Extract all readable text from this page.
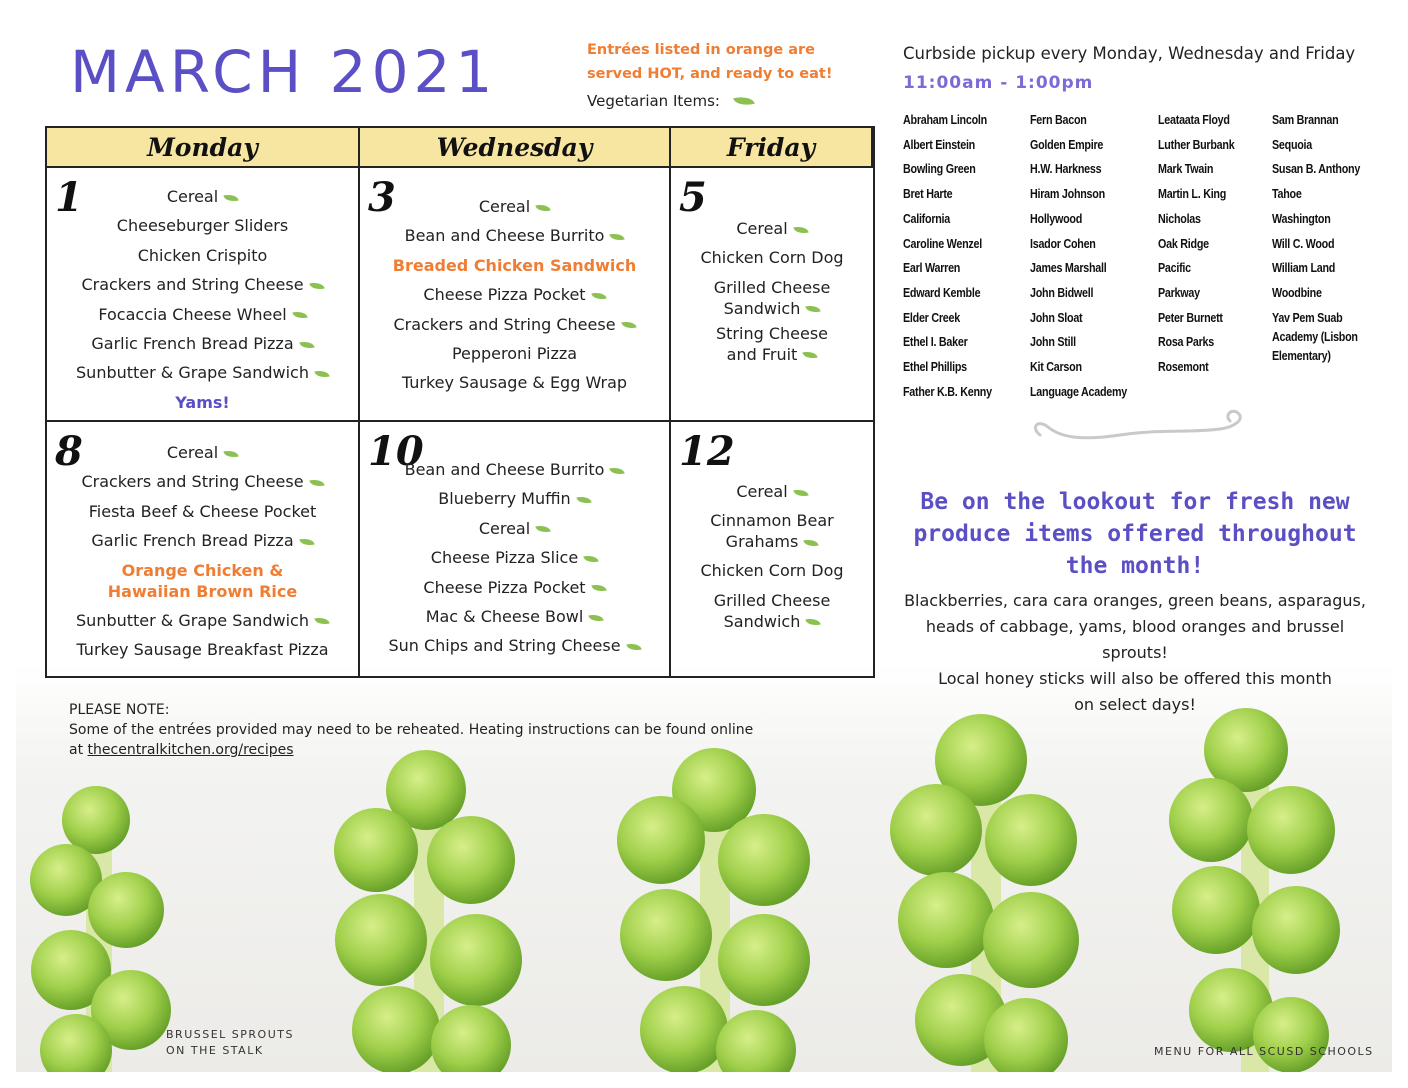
MARCH 2021	Entrées listed in orange are served HOT, and ready to eat!
Vegetarian Items:
Monday	Wednesday	Friday
1	Cereal
Cheeseburger Sliders
Chicken Crispito
Crackers and String Cheese
Focaccia Cheese Wheel
Garlic French Bread Pizza
Sunbutter & Grape Sandwich
Yams!
3	Cereal
Bean and Cheese Burrito
Breaded Chicken Sandwich
Cheese Pizza Pocket
Crackers and String Cheese
Pepperoni Pizza
Turkey Sausage & Egg Wrap
5
Cereal
Chicken Corn Dog
Grilled Cheese
Sandwich
String Cheese
and Fruit
8	Cereal
Crackers and String Cheese
Fiesta Beef & Cheese Pocket
Garlic French Bread Pizza
Orange Chicken &
Hawaiian Brown Rice
Sunbutter & Grape Sandwich
Turkey Sausage Breakfast Pizza
10
Bean and Cheese Burrito
Blueberry Muffin
Cereal
Cheese Pizza Slice
Cheese Pizza Pocket
Mac & Cheese Bowl
Sun Chips and String Cheese
12
Cereal
Cinnamon Bear
Grahams
Chicken Corn Dog
Grilled Cheese
Sandwich
Curbside pickup every Monday, Wednesday and Friday
11:00am - 1:00pm
Abraham Lincoln
Albert Einstein
Bowling Green
Bret Harte
California
Caroline Wenzel
Earl Warren
Edward Kemble
Elder Creek
Ethel I. Baker
Ethel Phillips
Father K.B. Kenny
Fern Bacon
Golden Empire
H.W. Harkness
Hiram Johnson
Hollywood
Isador Cohen
James Marshall
John Bidwell
John Sloat
John Still
Kit Carson
Language Academy
Leataata Floyd
Luther Burbank
Mark Twain
Martin L. King
Nicholas
Oak Ridge
Pacific
Parkway
Peter Burnett
Rosa Parks
Rosemont
Sam Brannan
Sequoia
Susan B. Anthony
Tahoe
Washington
Will C. Wood
William Land
Woodbine
Yav Pem Suab Academy (Lisbon Elementary)
Be on the lookout for fresh new produce items offered throughout the month!
Blackberries, cara cara oranges, green beans, asparagus,
heads of cabbage, yams, blood oranges and brussel sprouts!
Local honey sticks will also be offered this month
on select days!
PLEASE NOTE:
Some of the entrées provided may need to be reheated. Heating instructions can be found online
at thecentralkitchen.org/recipes
BRUSSEL SPROUTS
ON THE STALK	MENU FOR ALL SCUSD SCHOOLS
